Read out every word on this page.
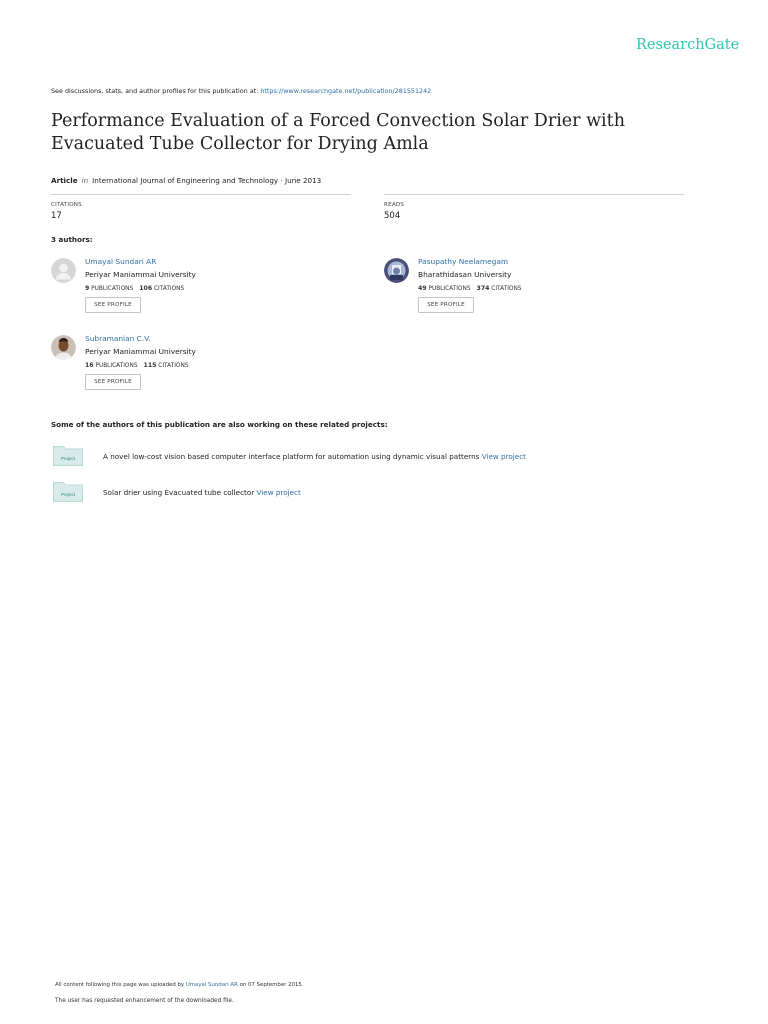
ResearchGate
See discussions, stats, and author profiles for this publication at: https://www.researchgate.net/publication/281551242
Performance Evaluation of a Forced Convection Solar Drier with Evacuated Tube Collector for Drying Amla
Article in International Journal of Engineering and Technology · June 2013
CITATIONS
17
READS
504
3 authors:
Umayal Sundari AR
Periyar Maniammai University
9 PUBLICATIONS 106 CITATIONS
SEE PROFILE
Pasupathy Neelamegam
Bharathidasan University
49 PUBLICATIONS 374 CITATIONS
SEE PROFILE
Subramanian C.V.
Periyar Maniammai University
16 PUBLICATIONS 115 CITATIONS
SEE PROFILE
Some of the authors of this publication are also working on these related projects:
Project	A novel low-cost vision based computer interface platform for automation using dynamic visual patterns View project
Project	Solar drier using Evacuated tube collector View project
All content following this page was uploaded by Umayal Sundari AR on 07 September 2015.
The user has requested enhancement of the downloaded file.
